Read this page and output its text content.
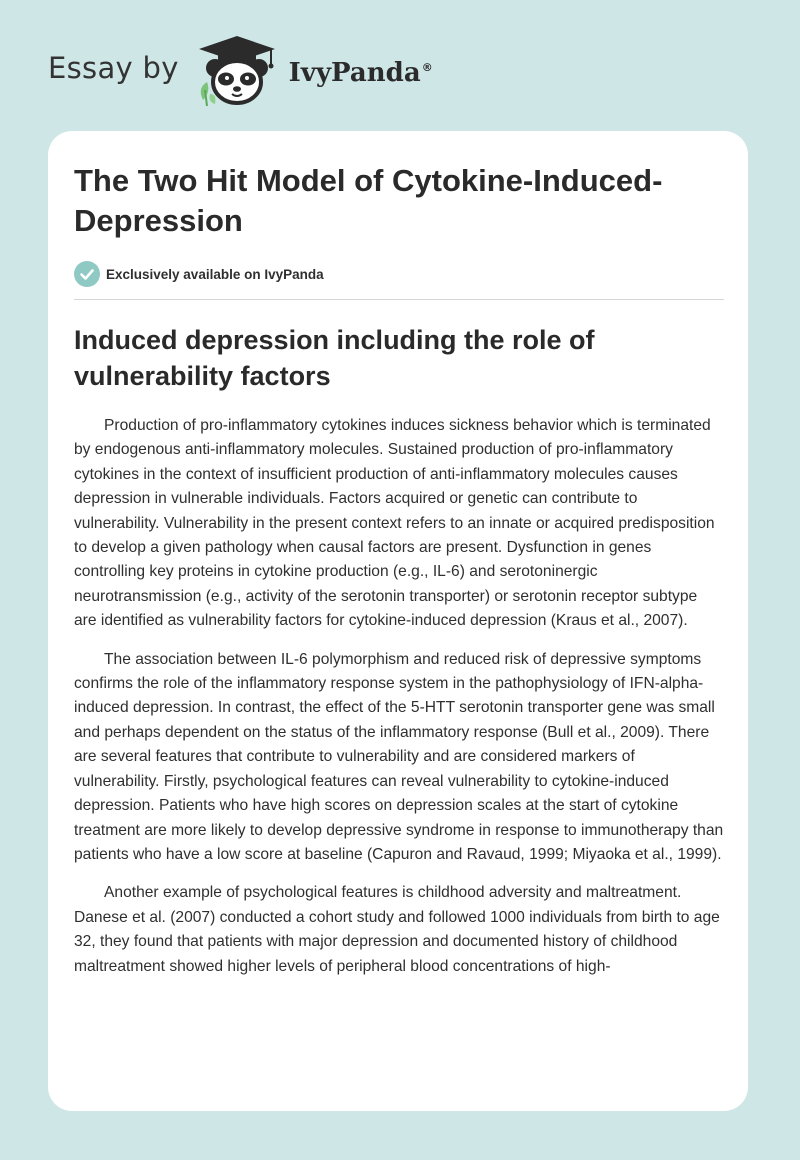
Essay by	IvyPanda®
The Two Hit Model of Cytokine-Induced-Depression
Exclusively available on IvyPanda
Induced depression including the role of vulnerability factors

Production of pro-inflammatory cytokines induces sickness behavior which is terminated by endogenous anti-inflammatory molecules. Sustained production of pro-inflammatory cytokines in the context of insufficient production of anti-inflammatory molecules causes depression in vulnerable individuals. Factors acquired or genetic can contribute to vulnerability. Vulnerability in the present context refers to an innate or acquired predisposition to develop a given pathology when causal factors are present. Dysfunction in genes controlling key proteins in cytokine production (e.g., IL-6) and serotoninergic neurotransmission (e.g., activity of the serotonin transporter) or serotonin receptor subtype are identified as vulnerability factors for cytokine-induced depression (Kraus et al., 2007).

The association between IL-6 polymorphism and reduced risk of depressive symptoms confirms the role of the inflammatory response system in the pathophysiology of IFN-alpha-induced depression. In contrast, the effect of the 5-HTT serotonin transporter gene was small and perhaps dependent on the status of the inflammatory response (Bull et al., 2009). There are several features that contribute to vulnerability and are considered markers of vulnerability. Firstly, psychological features can reveal vulnerability to cytokine-induced depression. Patients who have high scores on depression scales at the start of cytokine treatment are more likely to develop depressive syndrome in response to immunotherapy than patients who have a low score at baseline (Capuron and Ravaud, 1999; Miyaoka et al., 1999).

Another example of psychological features is childhood adversity and maltreatment. Danese et al. (2007) conducted a cohort study and followed 1000 individuals from birth to age 32, they found that patients with major depression and documented history of childhood maltreatment showed higher levels of peripheral blood concentrations of high-
